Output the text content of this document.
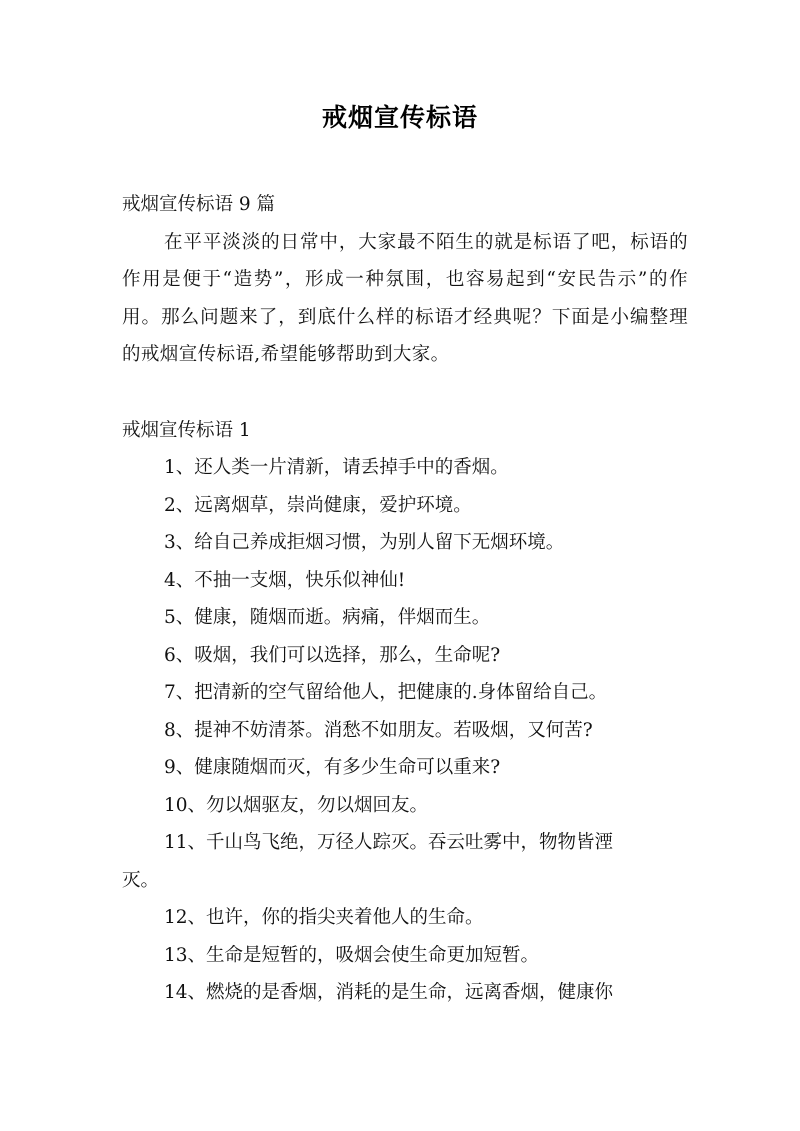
戒烟宣传标语
戒烟宣传标语 9 篇
在平平淡淡的日常中，大家最不陌生的就是标语了吧，标语的作用是便于“造势”，形成一种氛围，也容易起到“安民告示”的作用。那么问题来了，到底什么样的标语才经典呢？下面是小编整理的戒烟宣传标语,希望能够帮助到大家。
戒烟宣传标语 1
1、还人类一片清新，请丢掉手中的香烟。
2、远离烟草，崇尚健康，爱护环境。
3、给自己养成拒烟习惯，为别人留下无烟环境。
4、不抽一支烟，快乐似神仙!
5、健康，随烟而逝。病痛，伴烟而生。
6、吸烟，我们可以选择，那么，生命呢?
7、把清新的空气留给他人，把健康的.身体留给自己。
8、提神不妨清茶。消愁不如朋友。若吸烟，又何苦?
9、健康随烟而灭，有多少生命可以重来?
10、勿以烟驱友，勿以烟回友。
11、千山鸟飞绝，万径人踪灭。吞云吐雾中，物物皆湮
灭。
12、也许，你的指尖夹着他人的生命。
13、生命是短暂的，吸烟会使生命更加短暂。
14、燃烧的是香烟，消耗的是生命，远离香烟，健康你
